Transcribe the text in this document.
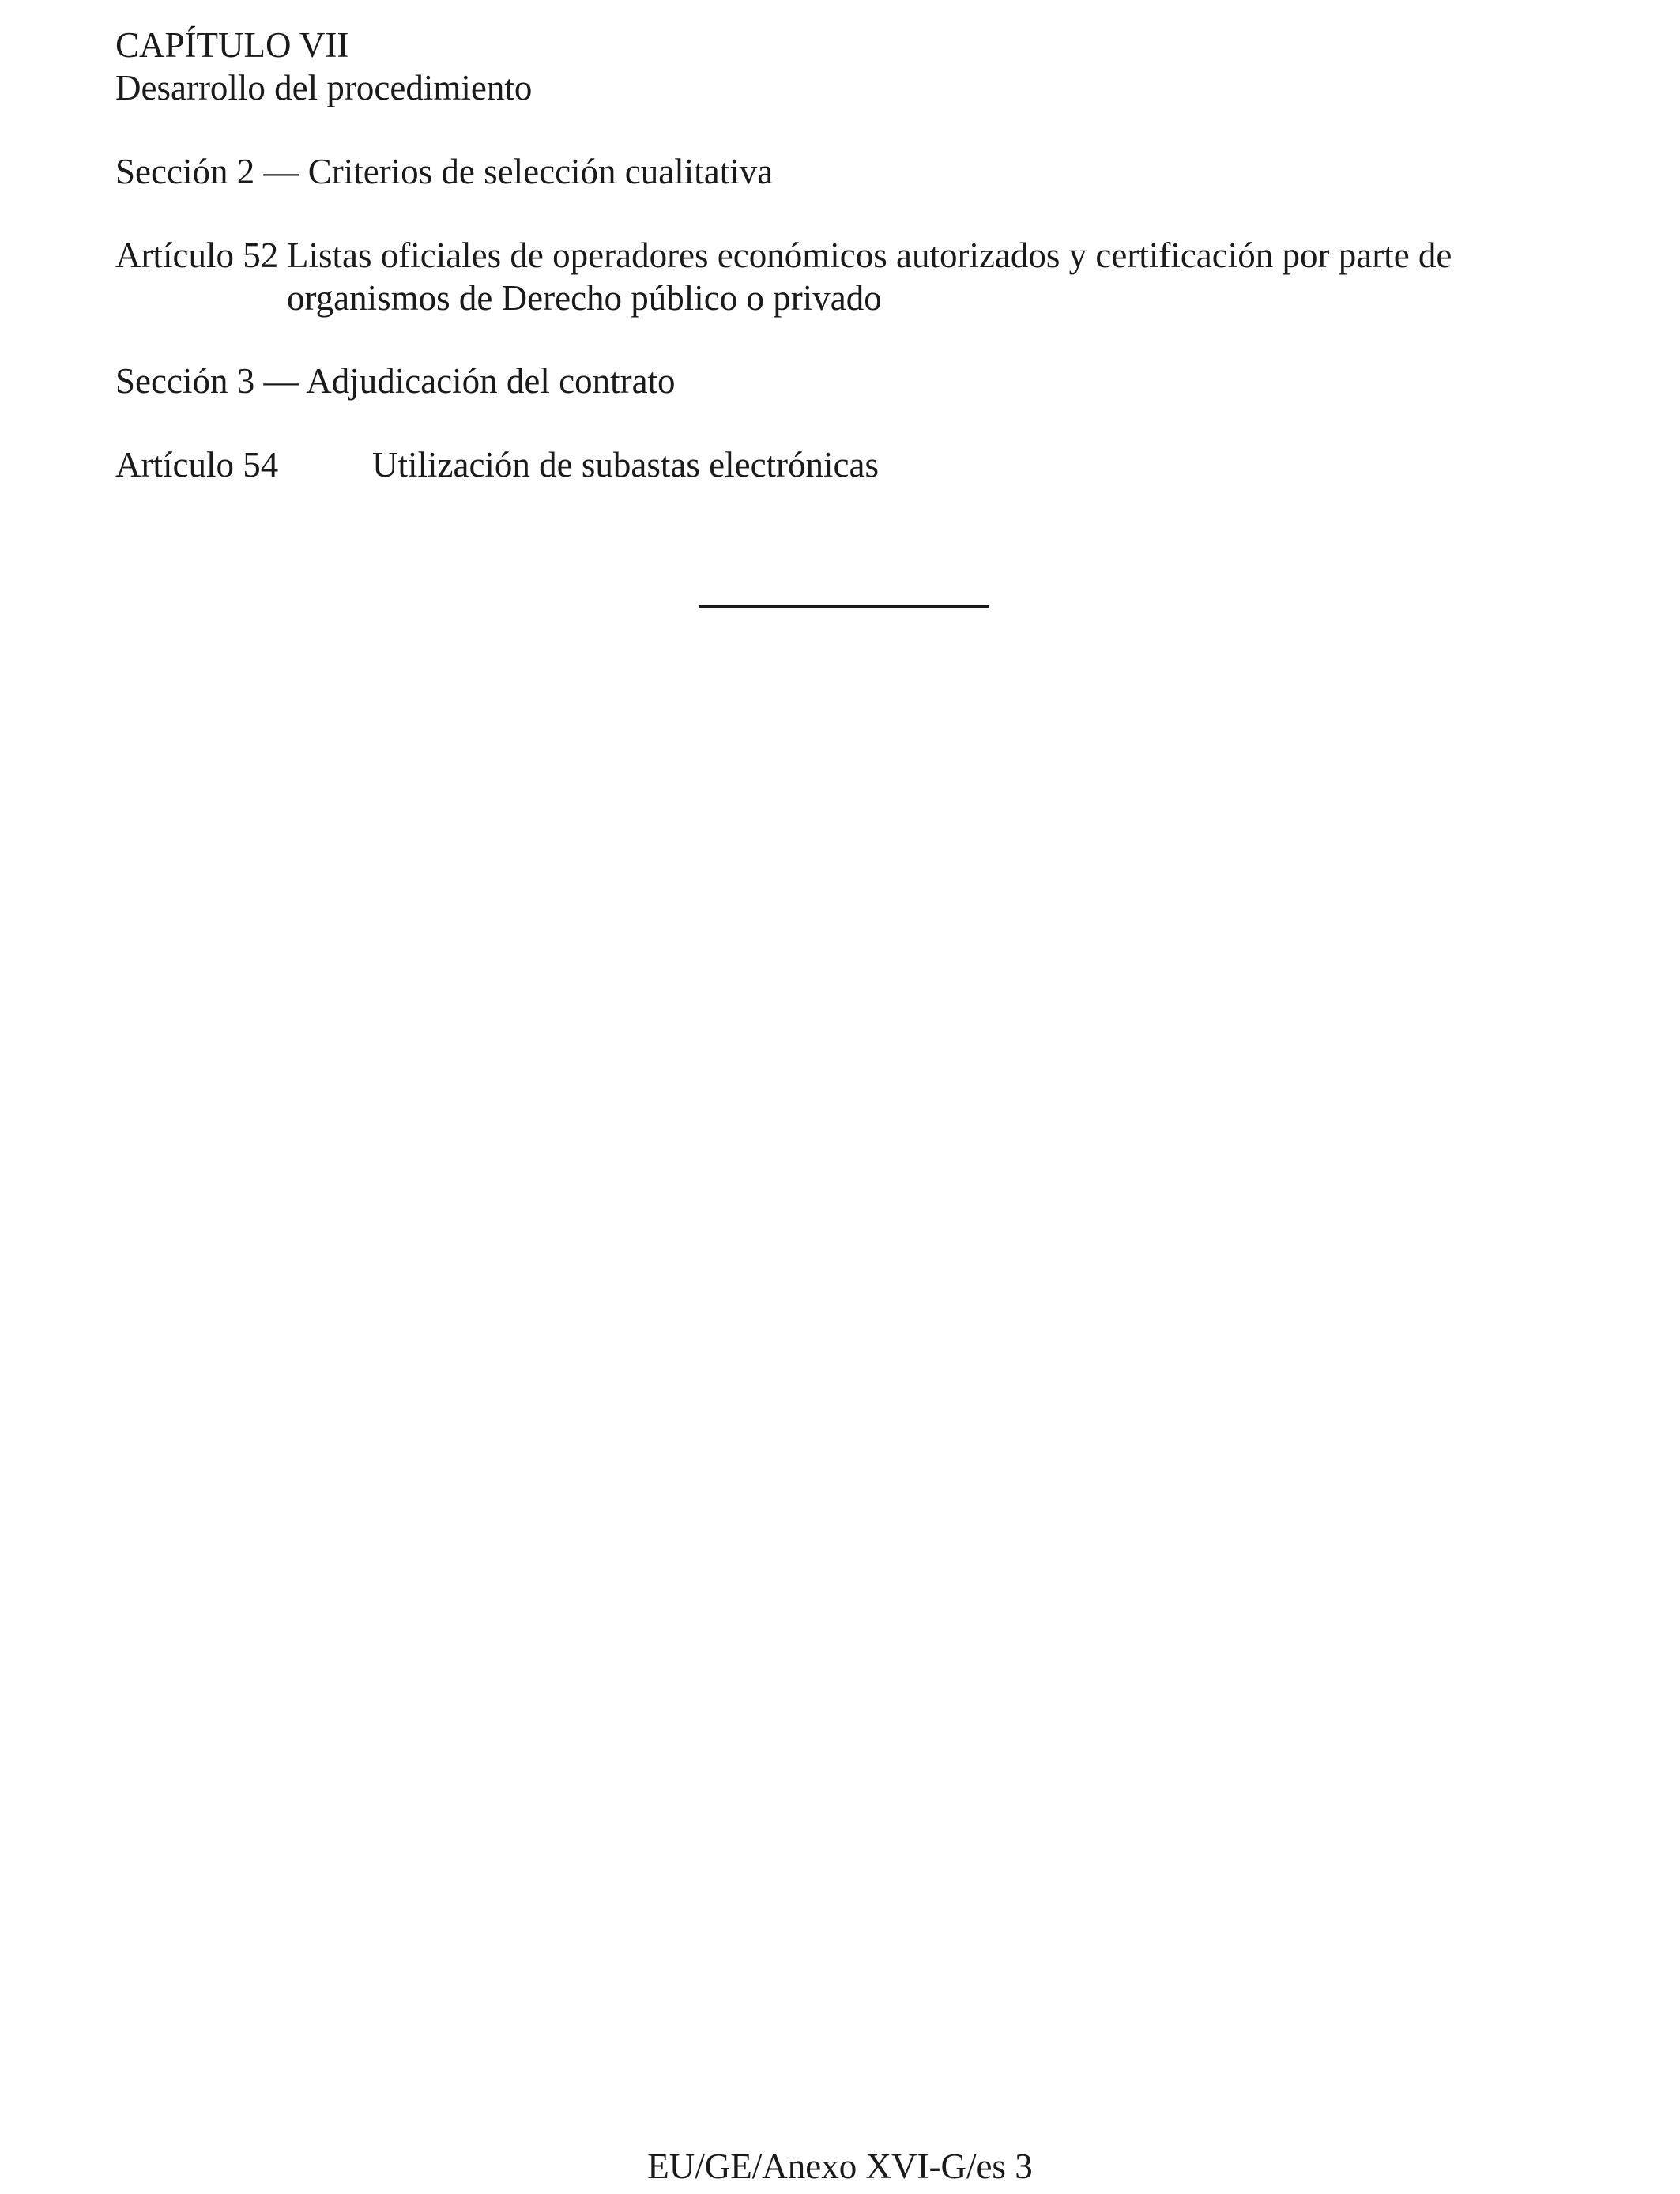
CAPÍTULO VII
Desarrollo del procedimiento
Sección 2 — Criterios de selección cualitativa
Artículo 52 Listas oficiales de operadores económicos autorizados y certificación por parte de organismos de Derecho público o privado
Sección 3 — Adjudicación del contrato
Artículo 54	Utilización de subastas electrónicas
EU/GE/Anexo XVI-G/es 3
